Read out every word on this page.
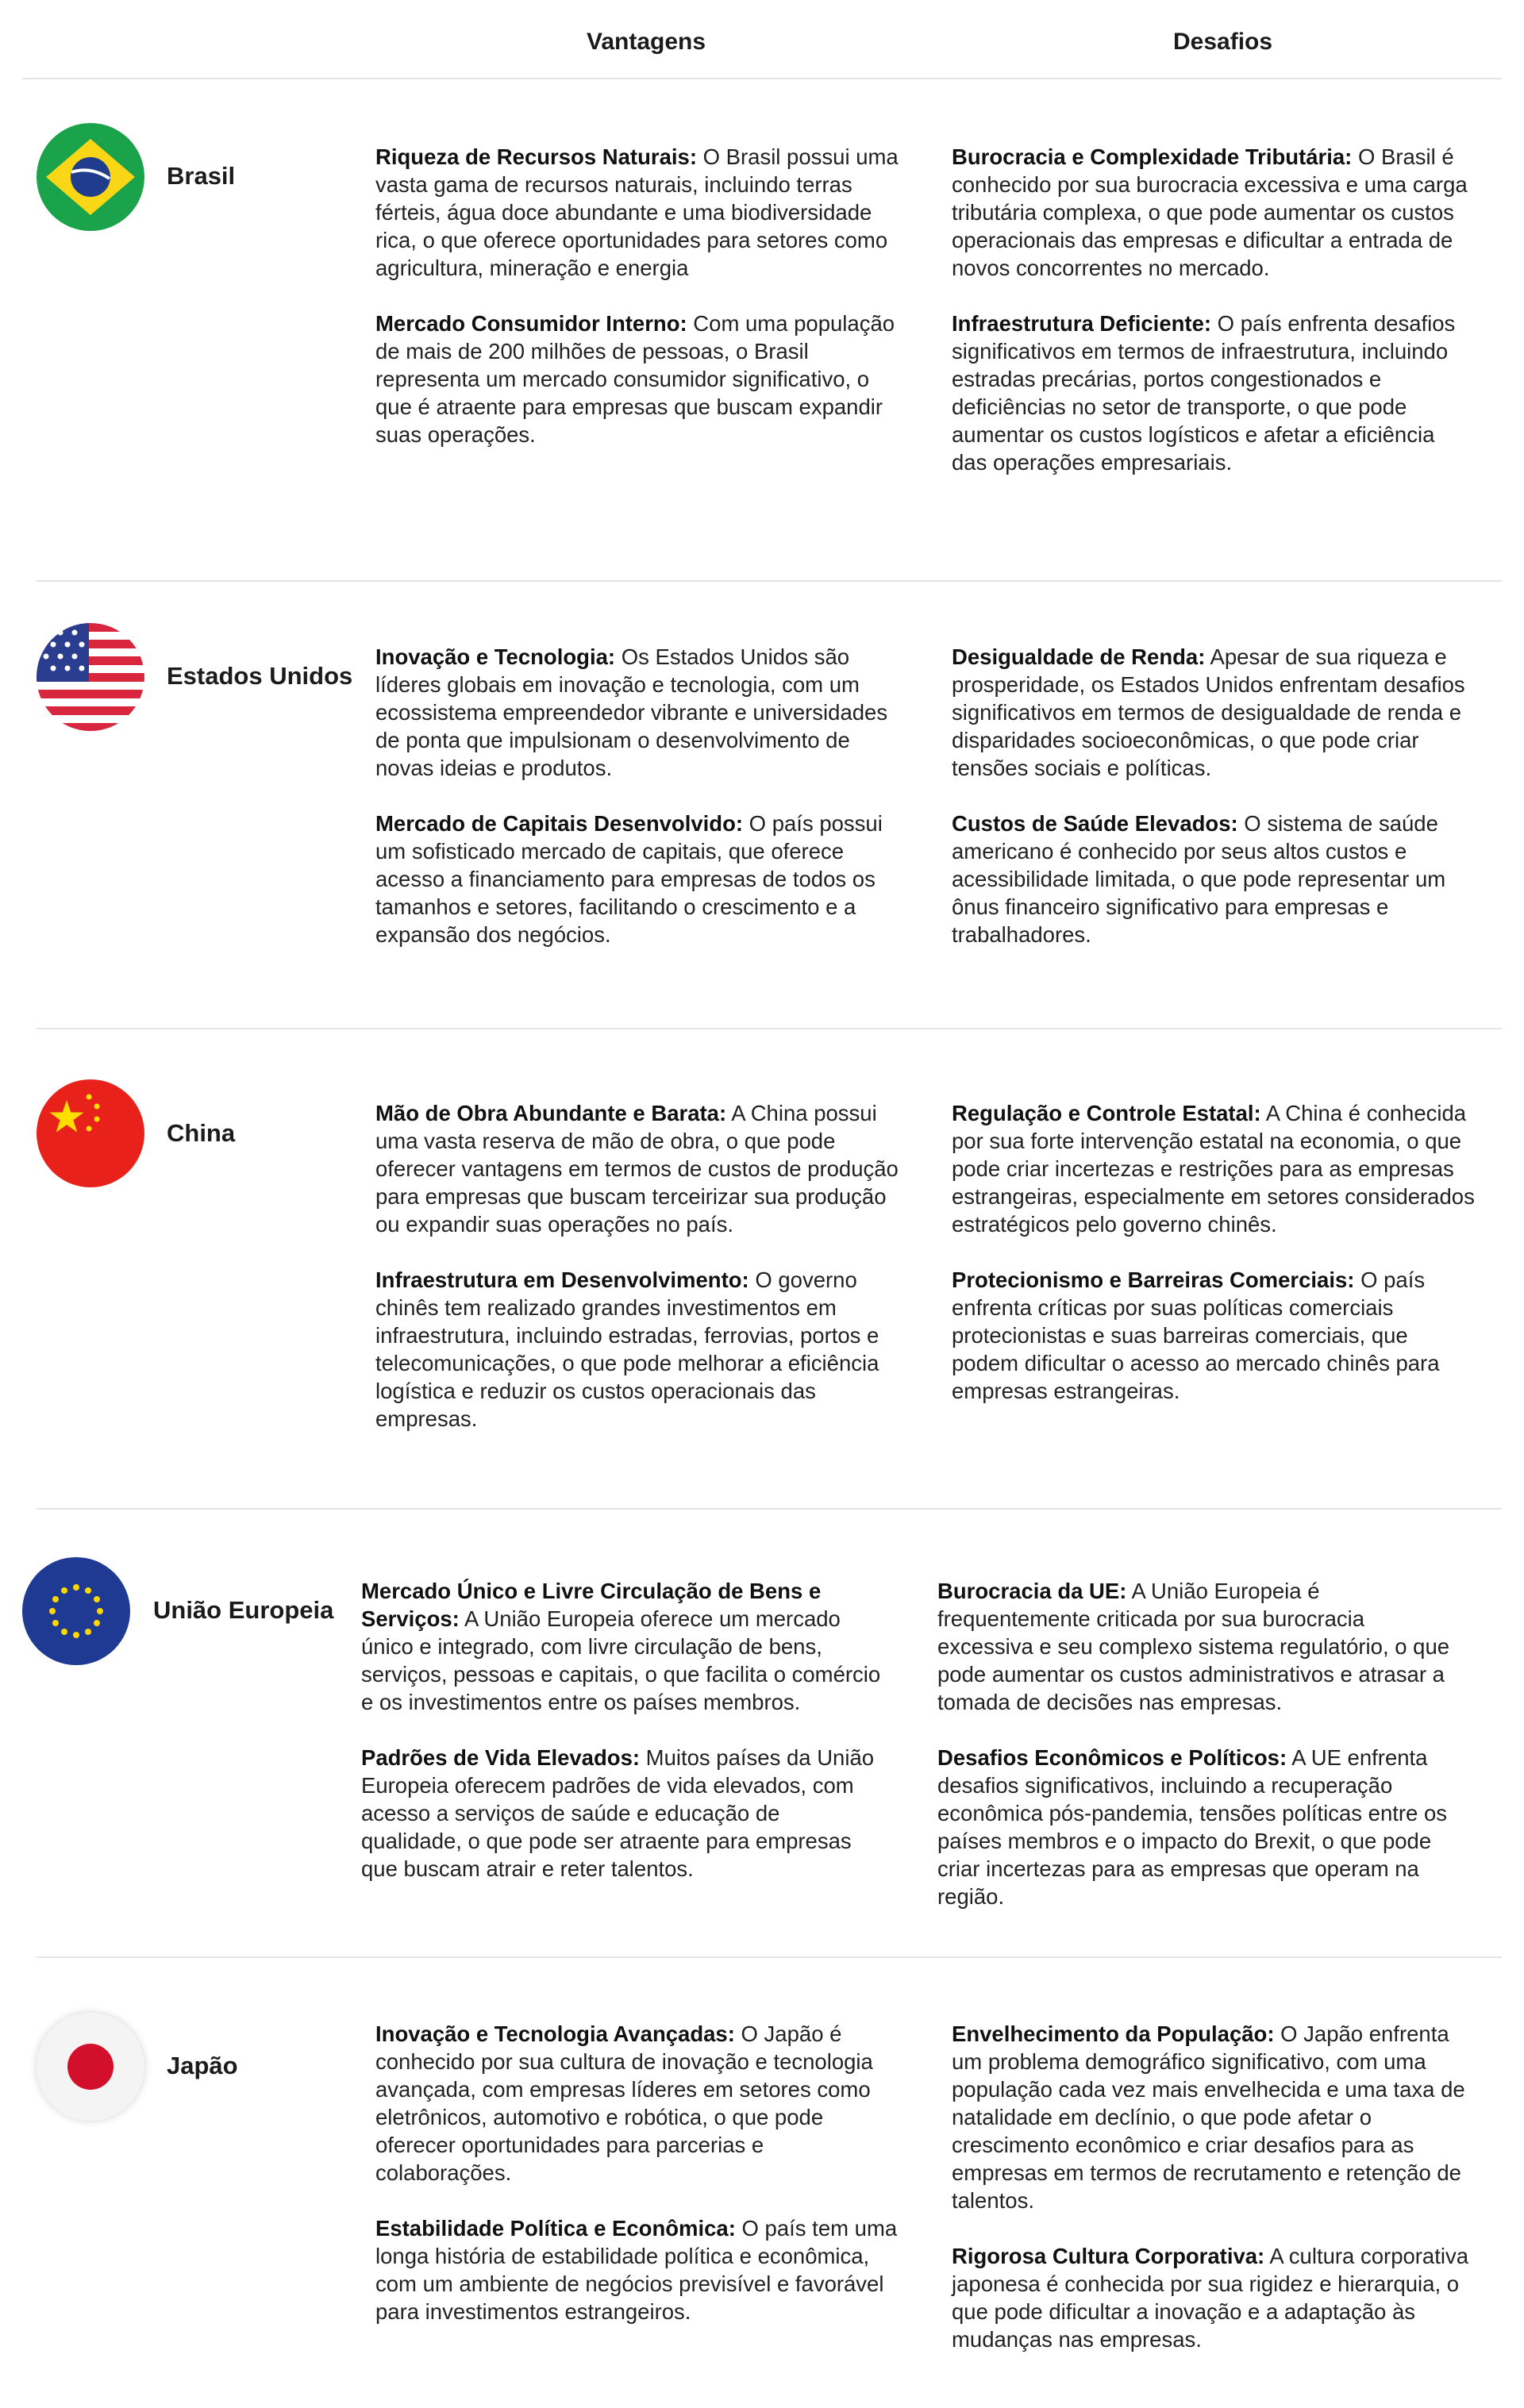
Vantagens	Desafios
Brasil

Riqueza de Recursos Naturais: O Brasil possui uma vasta gama de recursos naturais, incluindo terras férteis, água doce abundante e uma biodiversidade rica, o que oferece oportunidades para setores como agricultura, mineração e energia

Mercado Consumidor Interno: Com uma população de mais de 200 milhões de pessoas, o Brasil representa um mercado consumidor significativo, o que é atraente para empresas que buscam expandir suas operações.

Burocracia e Complexidade Tributária: O Brasil é conhecido por sua burocracia excessiva e uma carga tributária complexa, o que pode aumentar os custos operacionais das empresas e dificultar a entrada de novos concorrentes no mercado.

Infraestrutura Deficiente: O país enfrenta desafios significativos em termos de infraestrutura, incluindo estradas precárias, portos congestionados e deficiências no setor de transporte, o que pode aumentar os custos logísticos e afetar a eficiência das operações empresariais.

Estados Unidos

Inovação e Tecnologia: Os Estados Unidos são líderes globais em inovação e tecnologia, com um ecossistema empreendedor vibrante e universidades de ponta que impulsionam o desenvolvimento de novas ideias e produtos.

Mercado de Capitais Desenvolvido: O país possui um sofisticado mercado de capitais, que oferece acesso a financiamento para empresas de todos os tamanhos e setores, facilitando o crescimento e a expansão dos negócios.

Desigualdade de Renda: Apesar de sua riqueza e prosperidade, os Estados Unidos enfrentam desafios significativos em termos de desigualdade de renda e disparidades socioeconômicas, o que pode criar tensões sociais e políticas.

Custos de Saúde Elevados: O sistema de saúde americano é conhecido por seus altos custos e acessibilidade limitada, o que pode representar um ônus financeiro significativo para empresas e trabalhadores.

China

Mão de Obra Abundante e Barata: A China possui uma vasta reserva de mão de obra, o que pode oferecer vantagens em termos de custos de produção para empresas que buscam terceirizar sua produção ou expandir suas operações no país.

Infraestrutura em Desenvolvimento: O governo chinês tem realizado grandes investimentos em infraestrutura, incluindo estradas, ferrovias, portos e telecomunicações, o que pode melhorar a eficiência logística e reduzir os custos operacionais das empresas.

Regulação e Controle Estatal: A China é conhecida por sua forte intervenção estatal na economia, o que pode criar incertezas e restrições para as empresas estrangeiras, especialmente em setores considerados estratégicos pelo governo chinês.

Protecionismo e Barreiras Comerciais: O país enfrenta críticas por suas políticas comerciais protecionistas e suas barreiras comerciais, que podem dificultar o acesso ao mercado chinês para empresas estrangeiras.

União Europeia

Mercado Único e Livre Circulação de Bens e Serviços: A União Europeia oferece um mercado único e integrado, com livre circulação de bens, serviços, pessoas e capitais, o que facilita o comércio e os investimentos entre os países membros.

Padrões de Vida Elevados: Muitos países da União Europeia oferecem padrões de vida elevados, com acesso a serviços de saúde e educação de qualidade, o que pode ser atraente para empresas que buscam atrair e reter talentos.

Burocracia da UE: A União Europeia é frequentemente criticada por sua burocracia excessiva e seu complexo sistema regulatório, o que pode aumentar os custos administrativos e atrasar a tomada de decisões nas empresas.

Desafios Econômicos e Políticos: A UE enfrenta desafios significativos, incluindo a recuperação econômica pós-pandemia, tensões políticas entre os países membros e o impacto do Brexit, o que pode criar incertezas para as empresas que operam na região.

Japão

Inovação e Tecnologia Avançadas: O Japão é conhecido por sua cultura de inovação e tecnologia avançada, com empresas líderes em setores como eletrônicos, automotivo e robótica, o que pode oferecer oportunidades para parcerias e colaborações.

Estabilidade Política e Econômica: O país tem uma longa história de estabilidade política e econômica, com um ambiente de negócios previsível e favorável para investimentos estrangeiros.

Envelhecimento da População: O Japão enfrenta um problema demográfico significativo, com uma população cada vez mais envelhecida e uma taxa de natalidade em declínio, o que pode afetar o crescimento econômico e criar desafios para as empresas em termos de recrutamento e retenção de talentos.

Rigorosa Cultura Corporativa: A cultura corporativa japonesa é conhecida por sua rigidez e hierarquia, o que pode dificultar a inovação e a adaptação às mudanças nas empresas.
